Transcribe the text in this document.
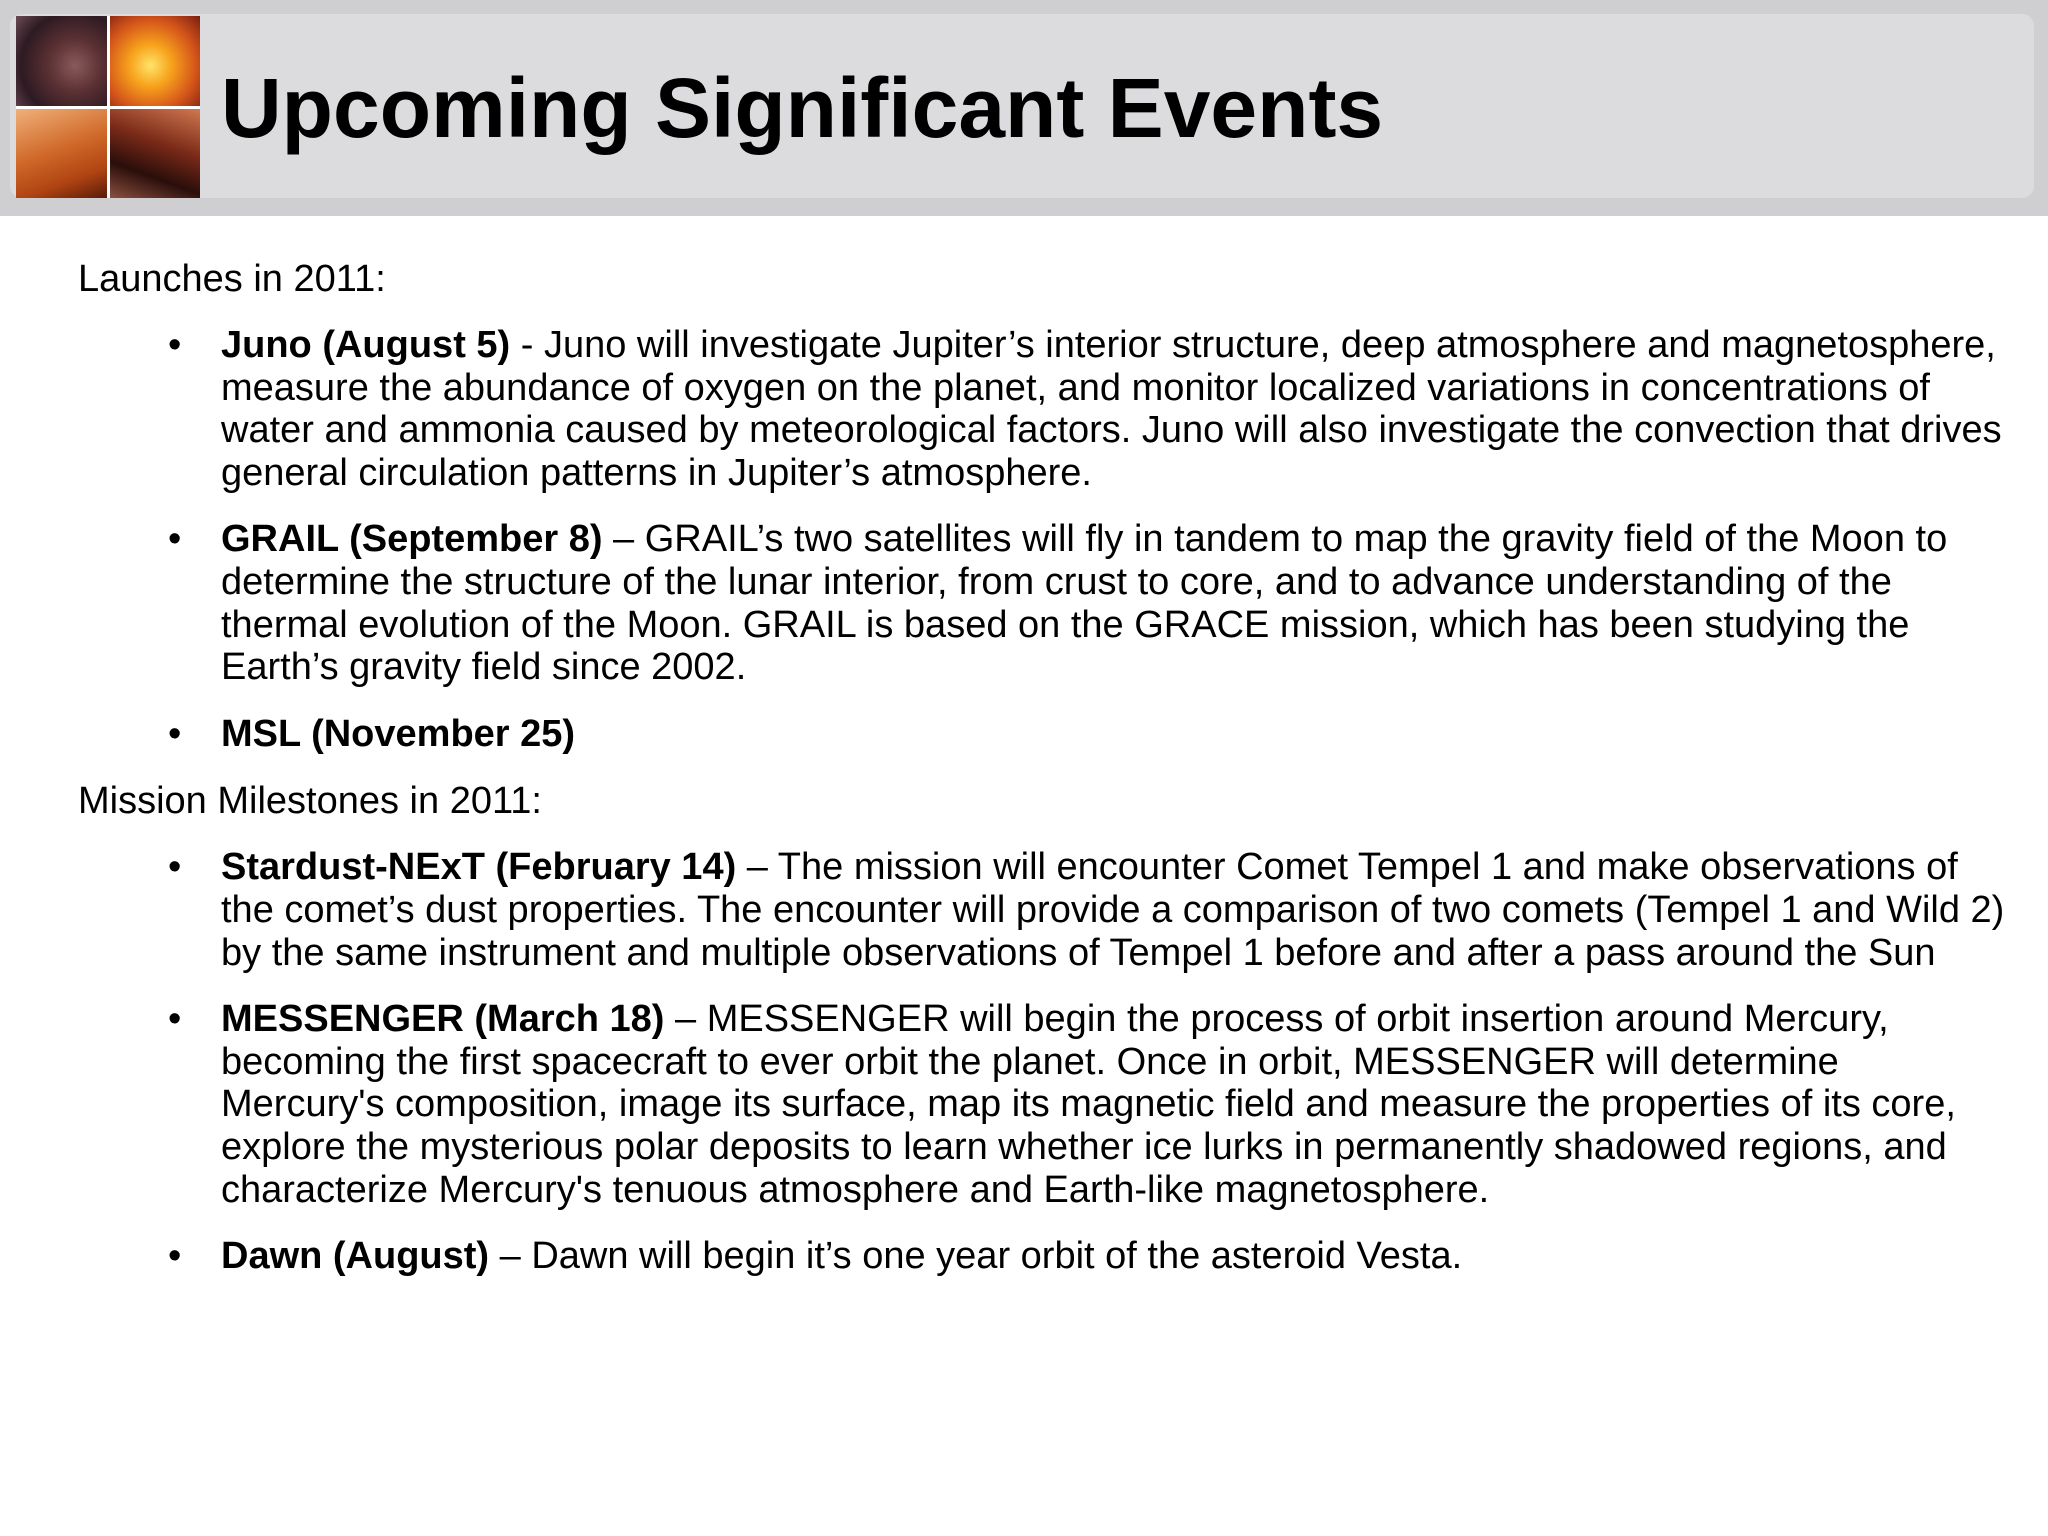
Upcoming Significant Events

Launches in 2011:

• Juno (August 5) - Juno will investigate Jupiter’s interior structure, deep atmosphere and magnetosphere, measure the abundance of oxygen on the planet, and monitor localized variations in concentrations of water and ammonia caused by meteorological factors. Juno will also investigate the convection that drives general circulation patterns in Jupiter’s atmosphere.
• GRAIL (September 8) – GRAIL’s two satellites will fly in tandem to map the gravity field of the Moon to determine the structure of the lunar interior, from crust to core, and to advance understanding of the thermal evolution of the Moon. GRAIL is based on the GRACE mission, which has been studying the Earth’s gravity field since 2002.
• MSL (November 25)

Mission Milestones in 2011:

• Stardust-NExT (February 14) – The mission will encounter Comet Tempel 1 and make observations of the comet’s dust properties. The encounter will provide a comparison of two comets (Tempel 1 and Wild 2) by the same instrument and multiple observations of Tempel 1 before and after a pass around the Sun
• MESSENGER (March 18) – MESSENGER will begin the process of orbit insertion around Mercury, becoming the first spacecraft to ever orbit the planet. Once in orbit, MESSENGER will determine Mercury's composition, image its surface, map its magnetic field and measure the properties of its core, explore the mysterious polar deposits to learn whether ice lurks in permanently shadowed regions, and characterize Mercury's tenuous atmosphere and Earth-like magnetosphere.
• Dawn (August) – Dawn will begin it’s one year orbit of the asteroid Vesta.
